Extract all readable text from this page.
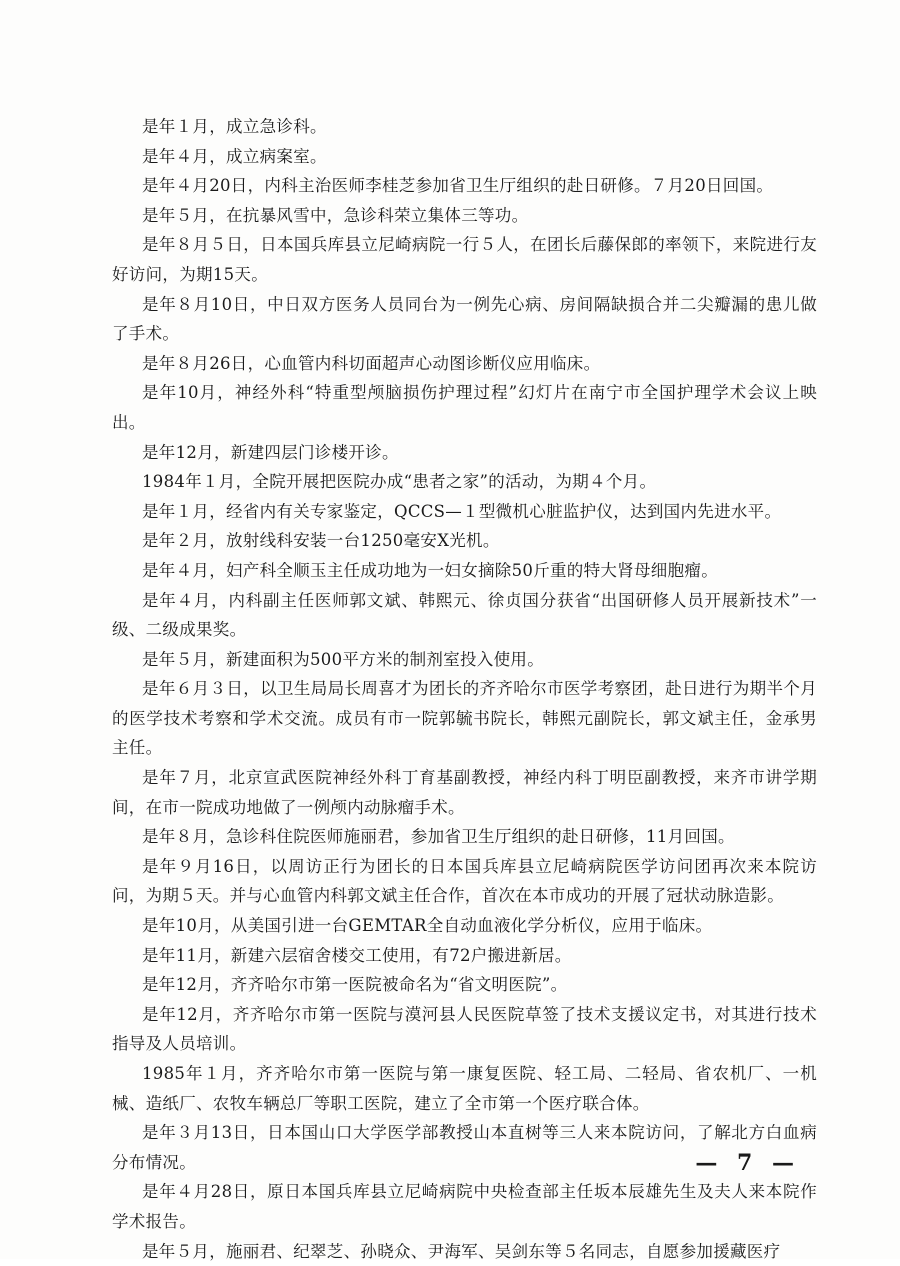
是年１月，成立急诊科。

是年４月，成立病案室。

是年４月20日，内科主治医师李桂芝参加省卫生厅组织的赴日研修。７月20日回国。

是年５月，在抗暴风雪中，急诊科荣立集体三等功。

是年８月５日，日本国兵库县立尼崎病院一行５人，在团长后藤保郎的率领下，来院进行友好访问，为期15天。

是年８月10日，中日双方医务人员同台为一例先心病、房间隔缺损合并二尖瓣漏的患儿做了手术。

是年８月26日，心血管内科切面超声心动图诊断仪应用临床。

是年10月，神经外科“特重型颅脑损伤护理过程”幻灯片在南宁市全国护理学术会议上映出。

是年12月，新建四层门诊楼开诊。

1984年１月，全院开展把医院办成“患者之家”的活动，为期４个月。

是年１月，经省内有关专家鉴定，QCCS—１型微机心脏监护仪，达到国内先进水平。

是年２月，放射线科安装一台1250毫安X光机。

是年４月，妇产科全顺玉主任成功地为一妇女摘除50斤重的特大肾母细胞瘤。

是年４月，内科副主任医师郭文斌、韩熙元、徐贞国分获省“出国研修人员开展新技术”一级、二级成果奖。

是年５月，新建面积为500平方米的制剂室投入使用。

是年６月３日，以卫生局局长周喜才为团长的齐齐哈尔市医学考察团，赴日进行为期半个月的医学技术考察和学术交流。成员有市一院郭毓书院长，韩熙元副院长，郭文斌主任，金承男主任。

是年７月，北京宣武医院神经外科丁育基副教授，神经内科丁明臣副教授，来齐市讲学期间，在市一院成功地做了一例颅内动脉瘤手术。

是年８月，急诊科住院医师施丽君，参加省卫生厅组织的赴日研修，11月回国。

是年９月16日，以周访正行为团长的日本国兵库县立尼崎病院医学访问团再次来本院访问，为期５天。并与心血管内科郭文斌主任合作，首次在本市成功的开展了冠状动脉造影。

是年10月，从美国引进一台GEMTAR全自动血液化学分析仪，应用于临床。

是年11月，新建六层宿舍楼交工使用，有72户搬进新居。

是年12月，齐齐哈尔市第一医院被命名为“省文明医院”。

是年12月，齐齐哈尔市第一医院与漠河县人民医院草签了技术支援议定书，对其进行技术指导及人员培训。

1985年１月，齐齐哈尔市第一医院与第一康复医院、轻工局、二轻局、省农机厂、一机械、造纸厂、农牧车辆总厂等职工医院，建立了全市第一个医疗联合体。

是年３月13日，日本国山口大学医学部教授山本直树等三人来本院访问，了解北方白血病分布情况。

是年４月28日，原日本国兵库县立尼崎病院中央检查部主任坂本辰雄先生及夫人来本院作学术报告。

是年５月，施丽君、纪翠芝、孙晓众、尹海军、吴剑东等５名同志，自愿参加援藏医疗

— 7 —
